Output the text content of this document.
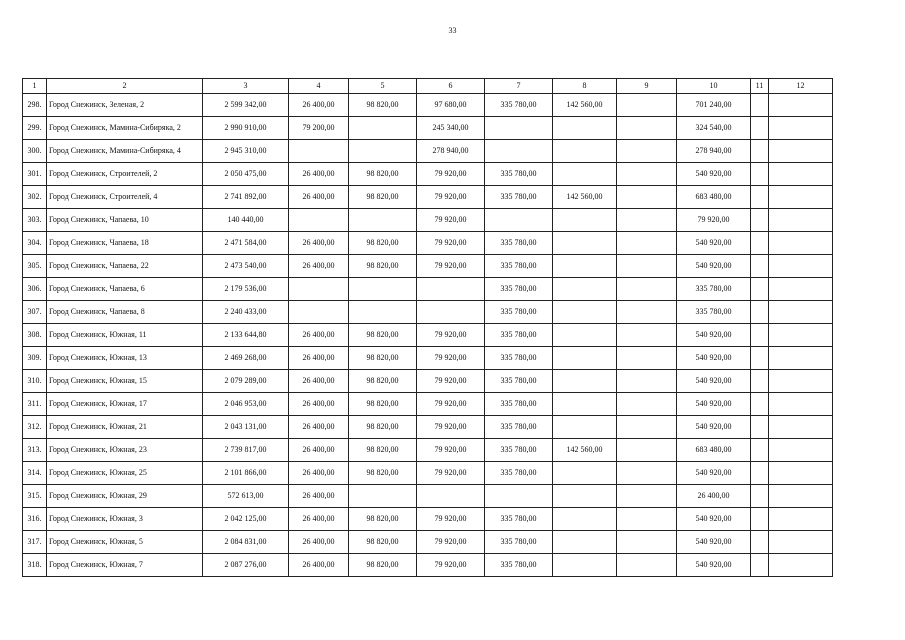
33
1	2	3	4	5	6	7	8	9	10	11	12
298.	Город Снежинск, Зеленая, 2	2 599 342,00	26 400,00	98 820,00	97 680,00	335 780,00	142 560,00		701 240,00		
299.	Город Снежинск, Мамина-Сибиряка, 2	2 990 910,00	79 200,00		245 340,00				324 540,00		
300.	Город Снежинск, Мамина-Сибиряка, 4	2 945 310,00			278 940,00				278 940,00		
301.	Город Снежинск, Строителей, 2	2 050 475,00	26 400,00	98 820,00	79 920,00	335 780,00			540 920,00		
302.	Город Снежинск, Строителей, 4	2 741 892,00	26 400,00	98 820,00	79 920,00	335 780,00	142 560,00		683 480,00		
303.	Город Снежинск, Чапаева, 10	140 440,00			79 920,00				79 920,00		
304.	Город Снежинск, Чапаева, 18	2 471 584,00	26 400,00	98 820,00	79 920,00	335 780,00			540 920,00		
305.	Город Снежинск, Чапаева, 22	2 473 540,00	26 400,00	98 820,00	79 920,00	335 780,00			540 920,00		
306.	Город Снежинск, Чапаева, 6	2 179 536,00				335 780,00			335 780,00		
307.	Город Снежинск, Чапаева, 8	2 240 433,00				335 780,00			335 780,00		
308.	Город Снежинск, Южная, 11	2 133 644,80	26 400,00	98 820,00	79 920,00	335 780,00			540 920,00		
309.	Город Снежинск, Южная, 13	2 469 268,00	26 400,00	98 820,00	79 920,00	335 780,00			540 920,00		
310.	Город Снежинск, Южная, 15	2 079 289,00	26 400,00	98 820,00	79 920,00	335 780,00			540 920,00		
311.	Город Снежинск, Южная, 17	2 046 953,00	26 400,00	98 820,00	79 920,00	335 780,00			540 920,00		
312.	Город Снежинск, Южная, 21	2 043 131,00	26 400,00	98 820,00	79 920,00	335 780,00			540 920,00		
313.	Город Снежинск, Южная, 23	2 739 817,00	26 400,00	98 820,00	79 920,00	335 780,00	142 560,00		683 480,00		
314.	Город Снежинск, Южная, 25	2 101 866,00	26 400,00	98 820,00	79 920,00	335 780,00			540 920,00		
315.	Город Снежинск, Южная, 29	572 613,00	26 400,00						26 400,00		
316.	Город Снежинск, Южная, 3	2 042 125,00	26 400,00	98 820,00	79 920,00	335 780,00			540 920,00		
317.	Город Снежинск, Южная, 5	2 084 831,00	26 400,00	98 820,00	79 920,00	335 780,00			540 920,00		
318.	Город Снежинск, Южная, 7	2 087 276,00	26 400,00	98 820,00	79 920,00	335 780,00			540 920,00		
